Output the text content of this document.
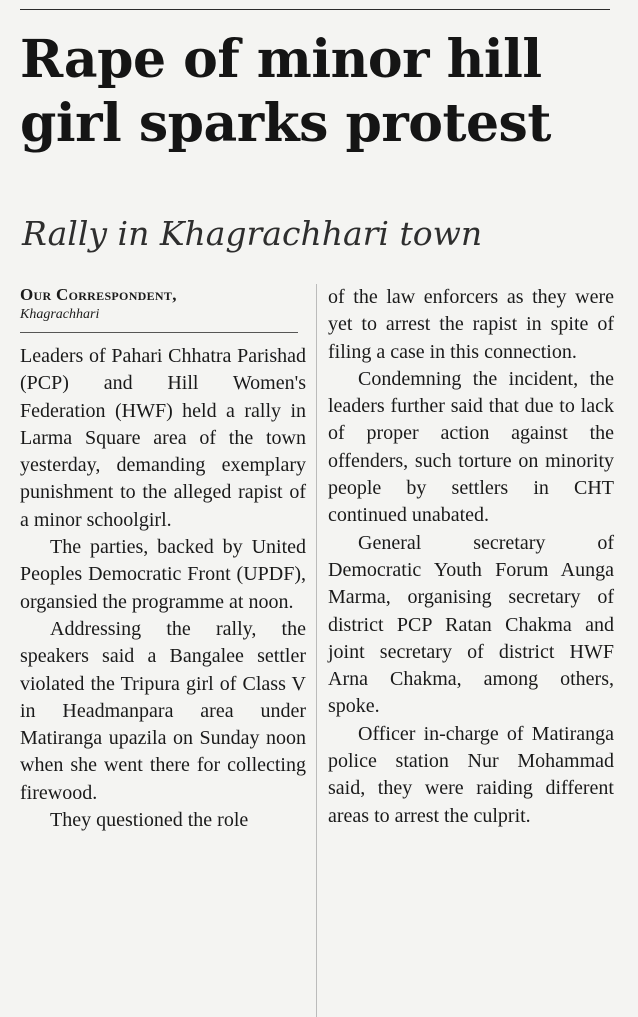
Rape of minor hill girl sparks protest
Rally in Khagrachhari town

Our Correspondent,

Khagrachhari

Leaders of Pahari Chhatra Parishad (PCP) and Hill Women's Federation (HWF) held a rally in Larma Square area of the town yesterday, demanding exemplary punishment to the alleged rapist of a minor schoolgirl.

The parties, backed by United Peoples Democratic Front (UPDF), organsied the programme at noon.

Addressing the rally, the speakers said a Bangalee settler violated the Tripura girl of Class V in Headmanpara area under Matiranga upazila on Sunday noon when she went there for collecting firewood.

They questioned the role

of the law enforcers as they were yet to arrest the rapist in spite of filing a case in this connection.

Condemning the incident, the leaders further said that due to lack of proper action against the offenders, such torture on minority people by settlers in CHT continued unabated.

General secretary of Democratic Youth Forum Aunga Marma, organising secretary of district PCP Ratan Chakma and joint secretary of district HWF Arna Chakma, among others, spoke.

Officer in-charge of Matiranga police station Nur Mohammad said, they were raiding different areas to arrest the culprit.
